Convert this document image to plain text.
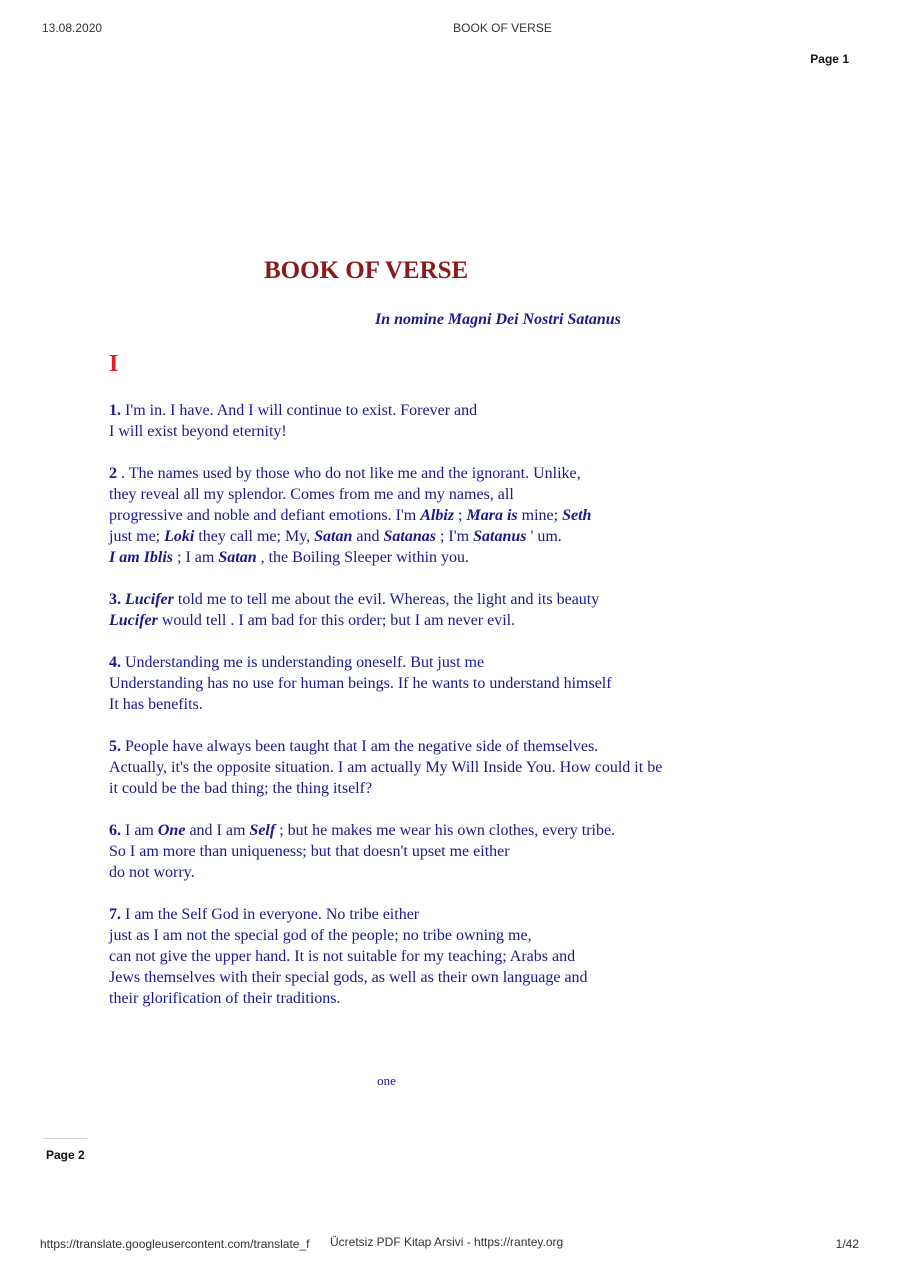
13.08.2020	BOOK OF VERSE
Page 1
BOOK OF VERSE
In nomine Magni Dei Nostri Satanus
I

1. I'm in. I have. And I will continue to exist. Forever and
I will exist beyond eternity!

2 . The names used by those who do not like me and the ignorant. Unlike,
they reveal all my splendor. Comes from me and my names, all
progressive and noble and defiant emotions. I'm Albiz ; Mara is mine; Seth
just me; Loki they call me; My, Satan and Satanas ; I'm Satanus ' um.
I am Iblis ; I am Satan , the Boiling Sleeper within you.

3. Lucifer told me to tell me about the evil. Whereas, the light and its beauty
Lucifer would tell . I am bad for this order; but I am never evil.

4. Understanding me is understanding oneself. But just me
Understanding has no use for human beings. If he wants to understand himself
It has benefits.

5. People have always been taught that I am the negative side of themselves.
Actually, it's the opposite situation. I am actually My Will Inside You. How could it be
it could be the bad thing; the thing itself?

6. I am One and I am Self ; but he makes me wear his own clothes, every tribe.
So I am more than uniqueness; but that doesn't upset me either
do not worry.

7. I am the Self God in everyone. No tribe either
just as I am not the special god of the people; no tribe owning me,
can not give the upper hand. It is not suitable for my teaching; Arabs and
Jews themselves with their special gods, as well as their own language and
their glorification of their traditions.

one
Page 2
https://translate.googleusercontent.com/translate_f Ücretsiz PDF Kitap Arsivi - https://rantey.org	1/42
